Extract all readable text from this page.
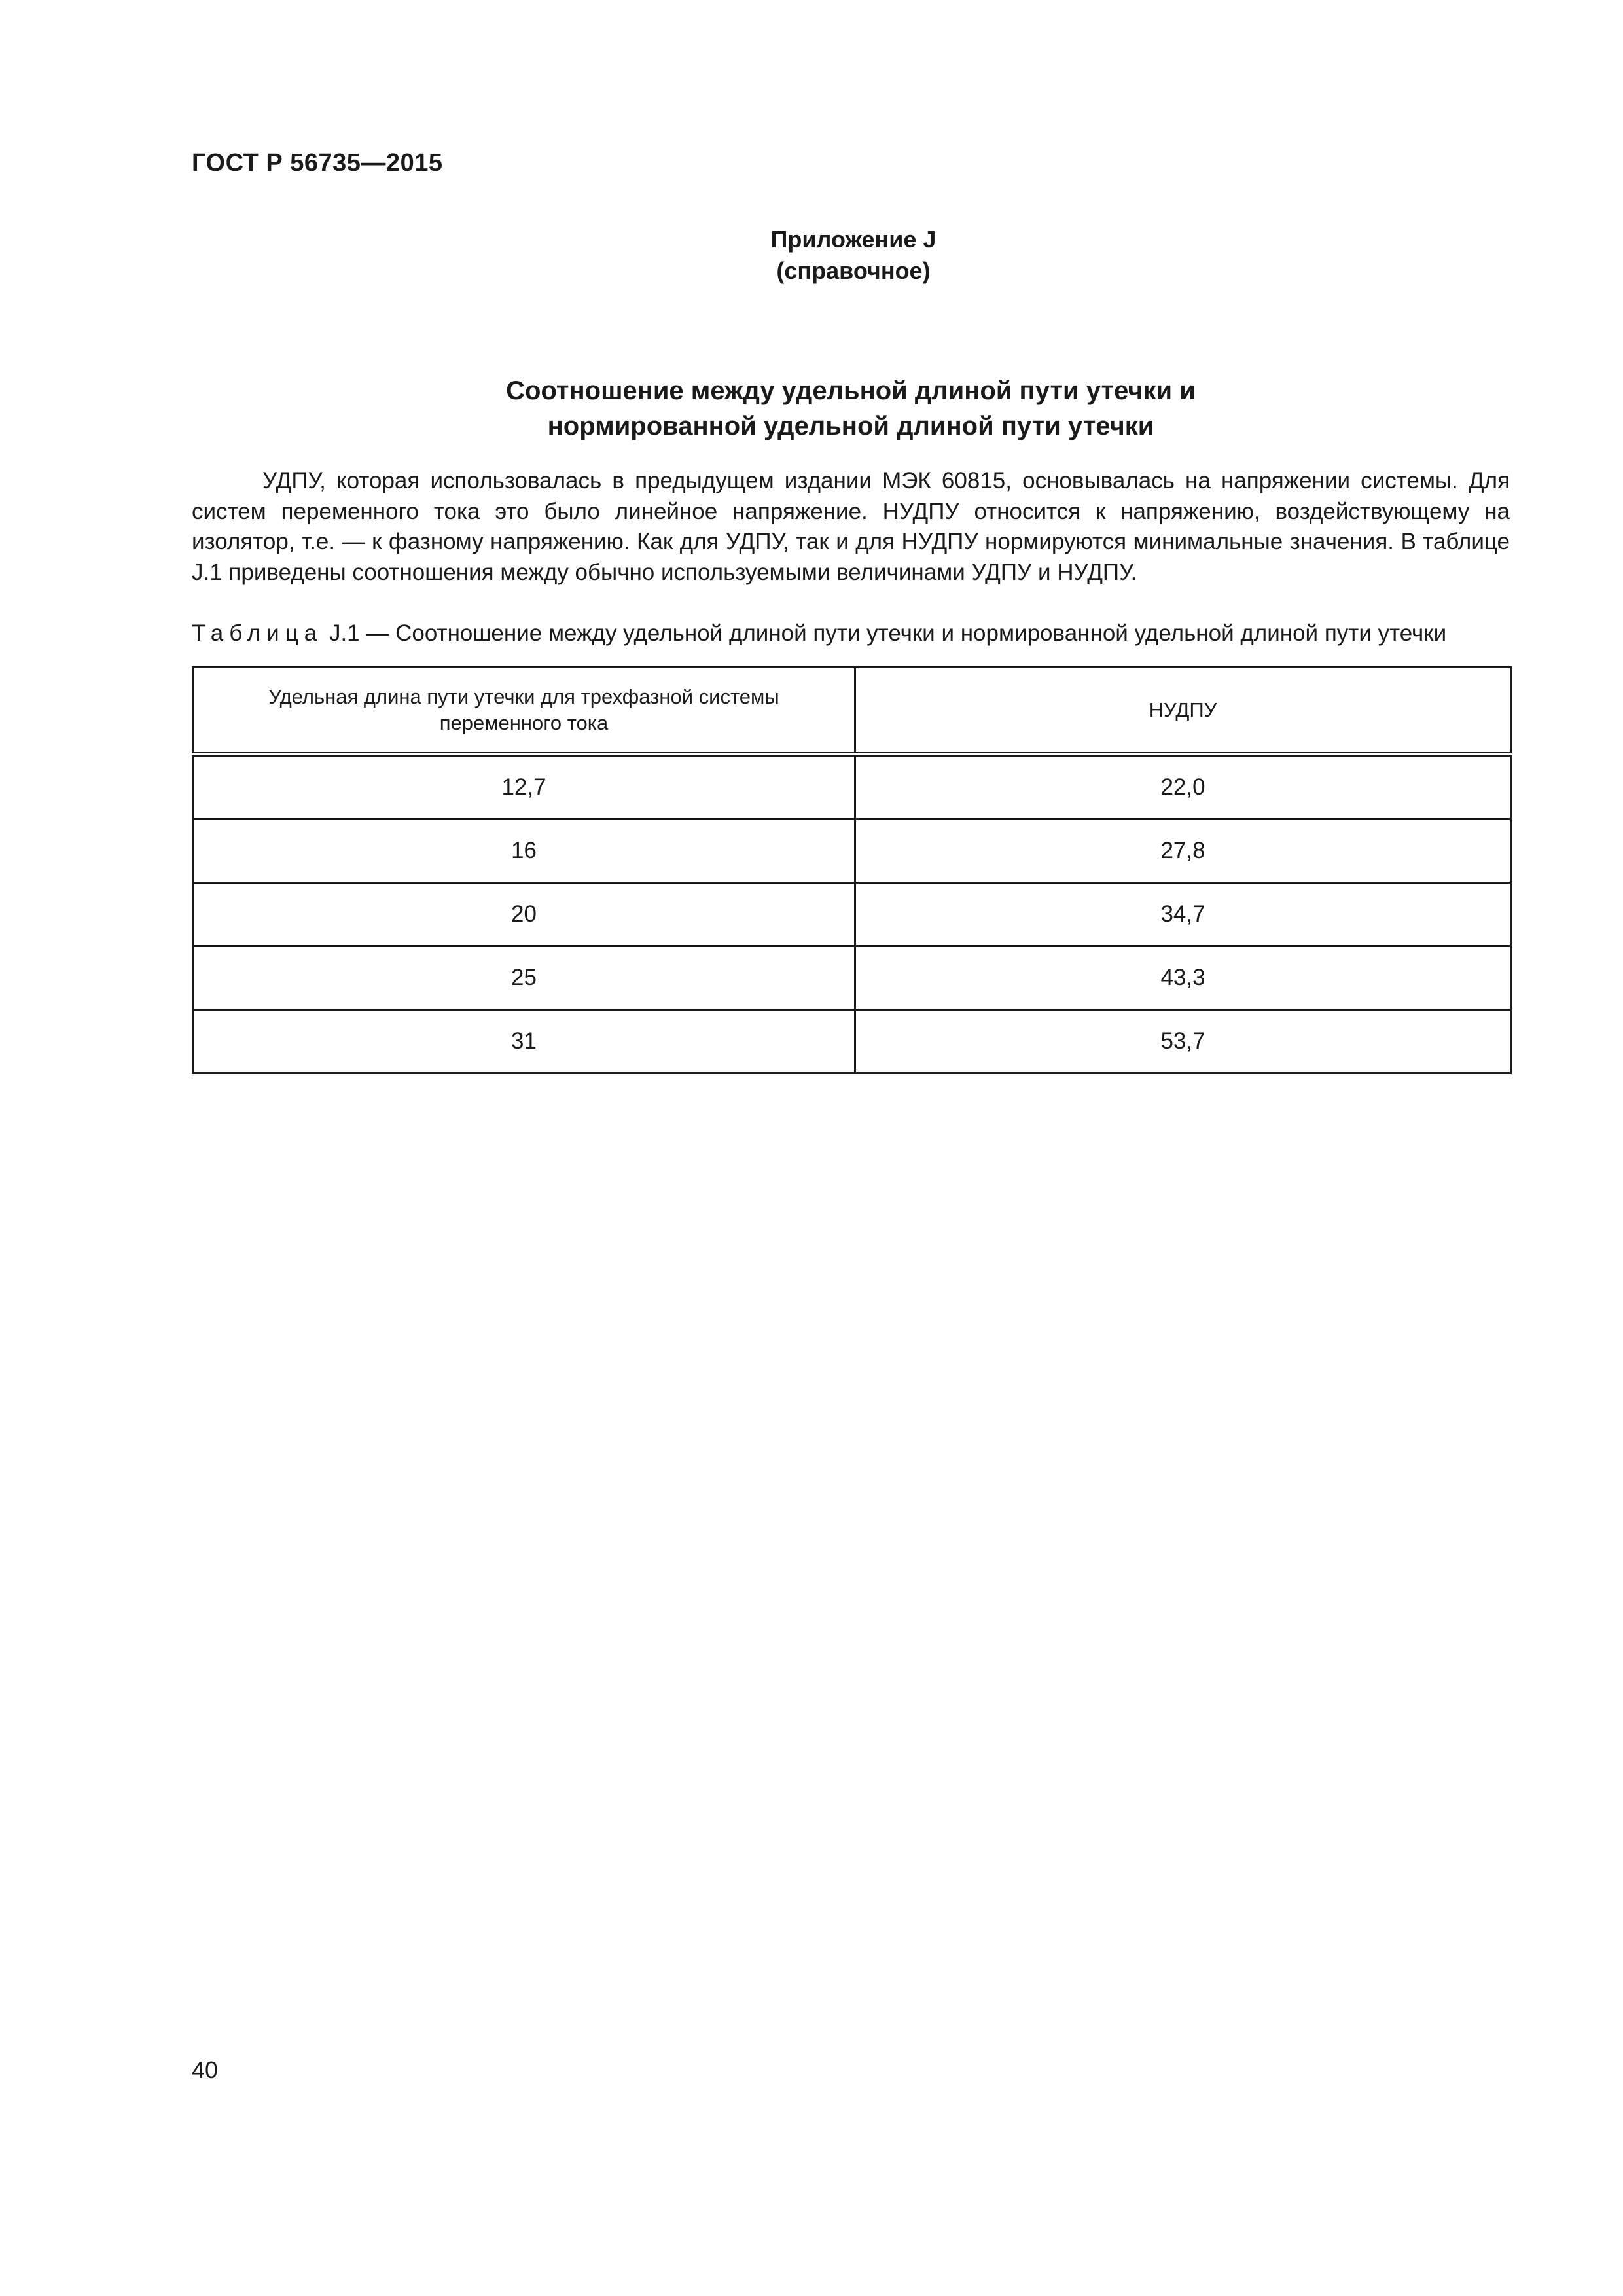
ГОСТ Р 56735—2015
Приложение J
(справочное)
Соотношение между удельной длиной пути утечки и
нормированной удельной длиной пути утечки
УДПУ, которая использовалась в предыдущем издании МЭК 60815, основывалась на напряжении системы. Для систем переменного тока это было линейное напряжение. НУДПУ относится к напряжению, воздействующему на изолятор, т.е. — к фазному напряжению. Как для УДПУ, так и для НУДПУ нормируются минимальные значения. В таблице J.1 приведены соотношения между обычно используемыми величинами УДПУ и НУДПУ.
Таблица J.1 — Соотношение между удельной длиной пути утечки и нормированной удельной длиной пути утечки
Удельная длина пути утечки для трехфазной системы переменного тока	НУДПУ
12,7	22,0
16	27,8
20	34,7
25	43,3
31	53,7
40
